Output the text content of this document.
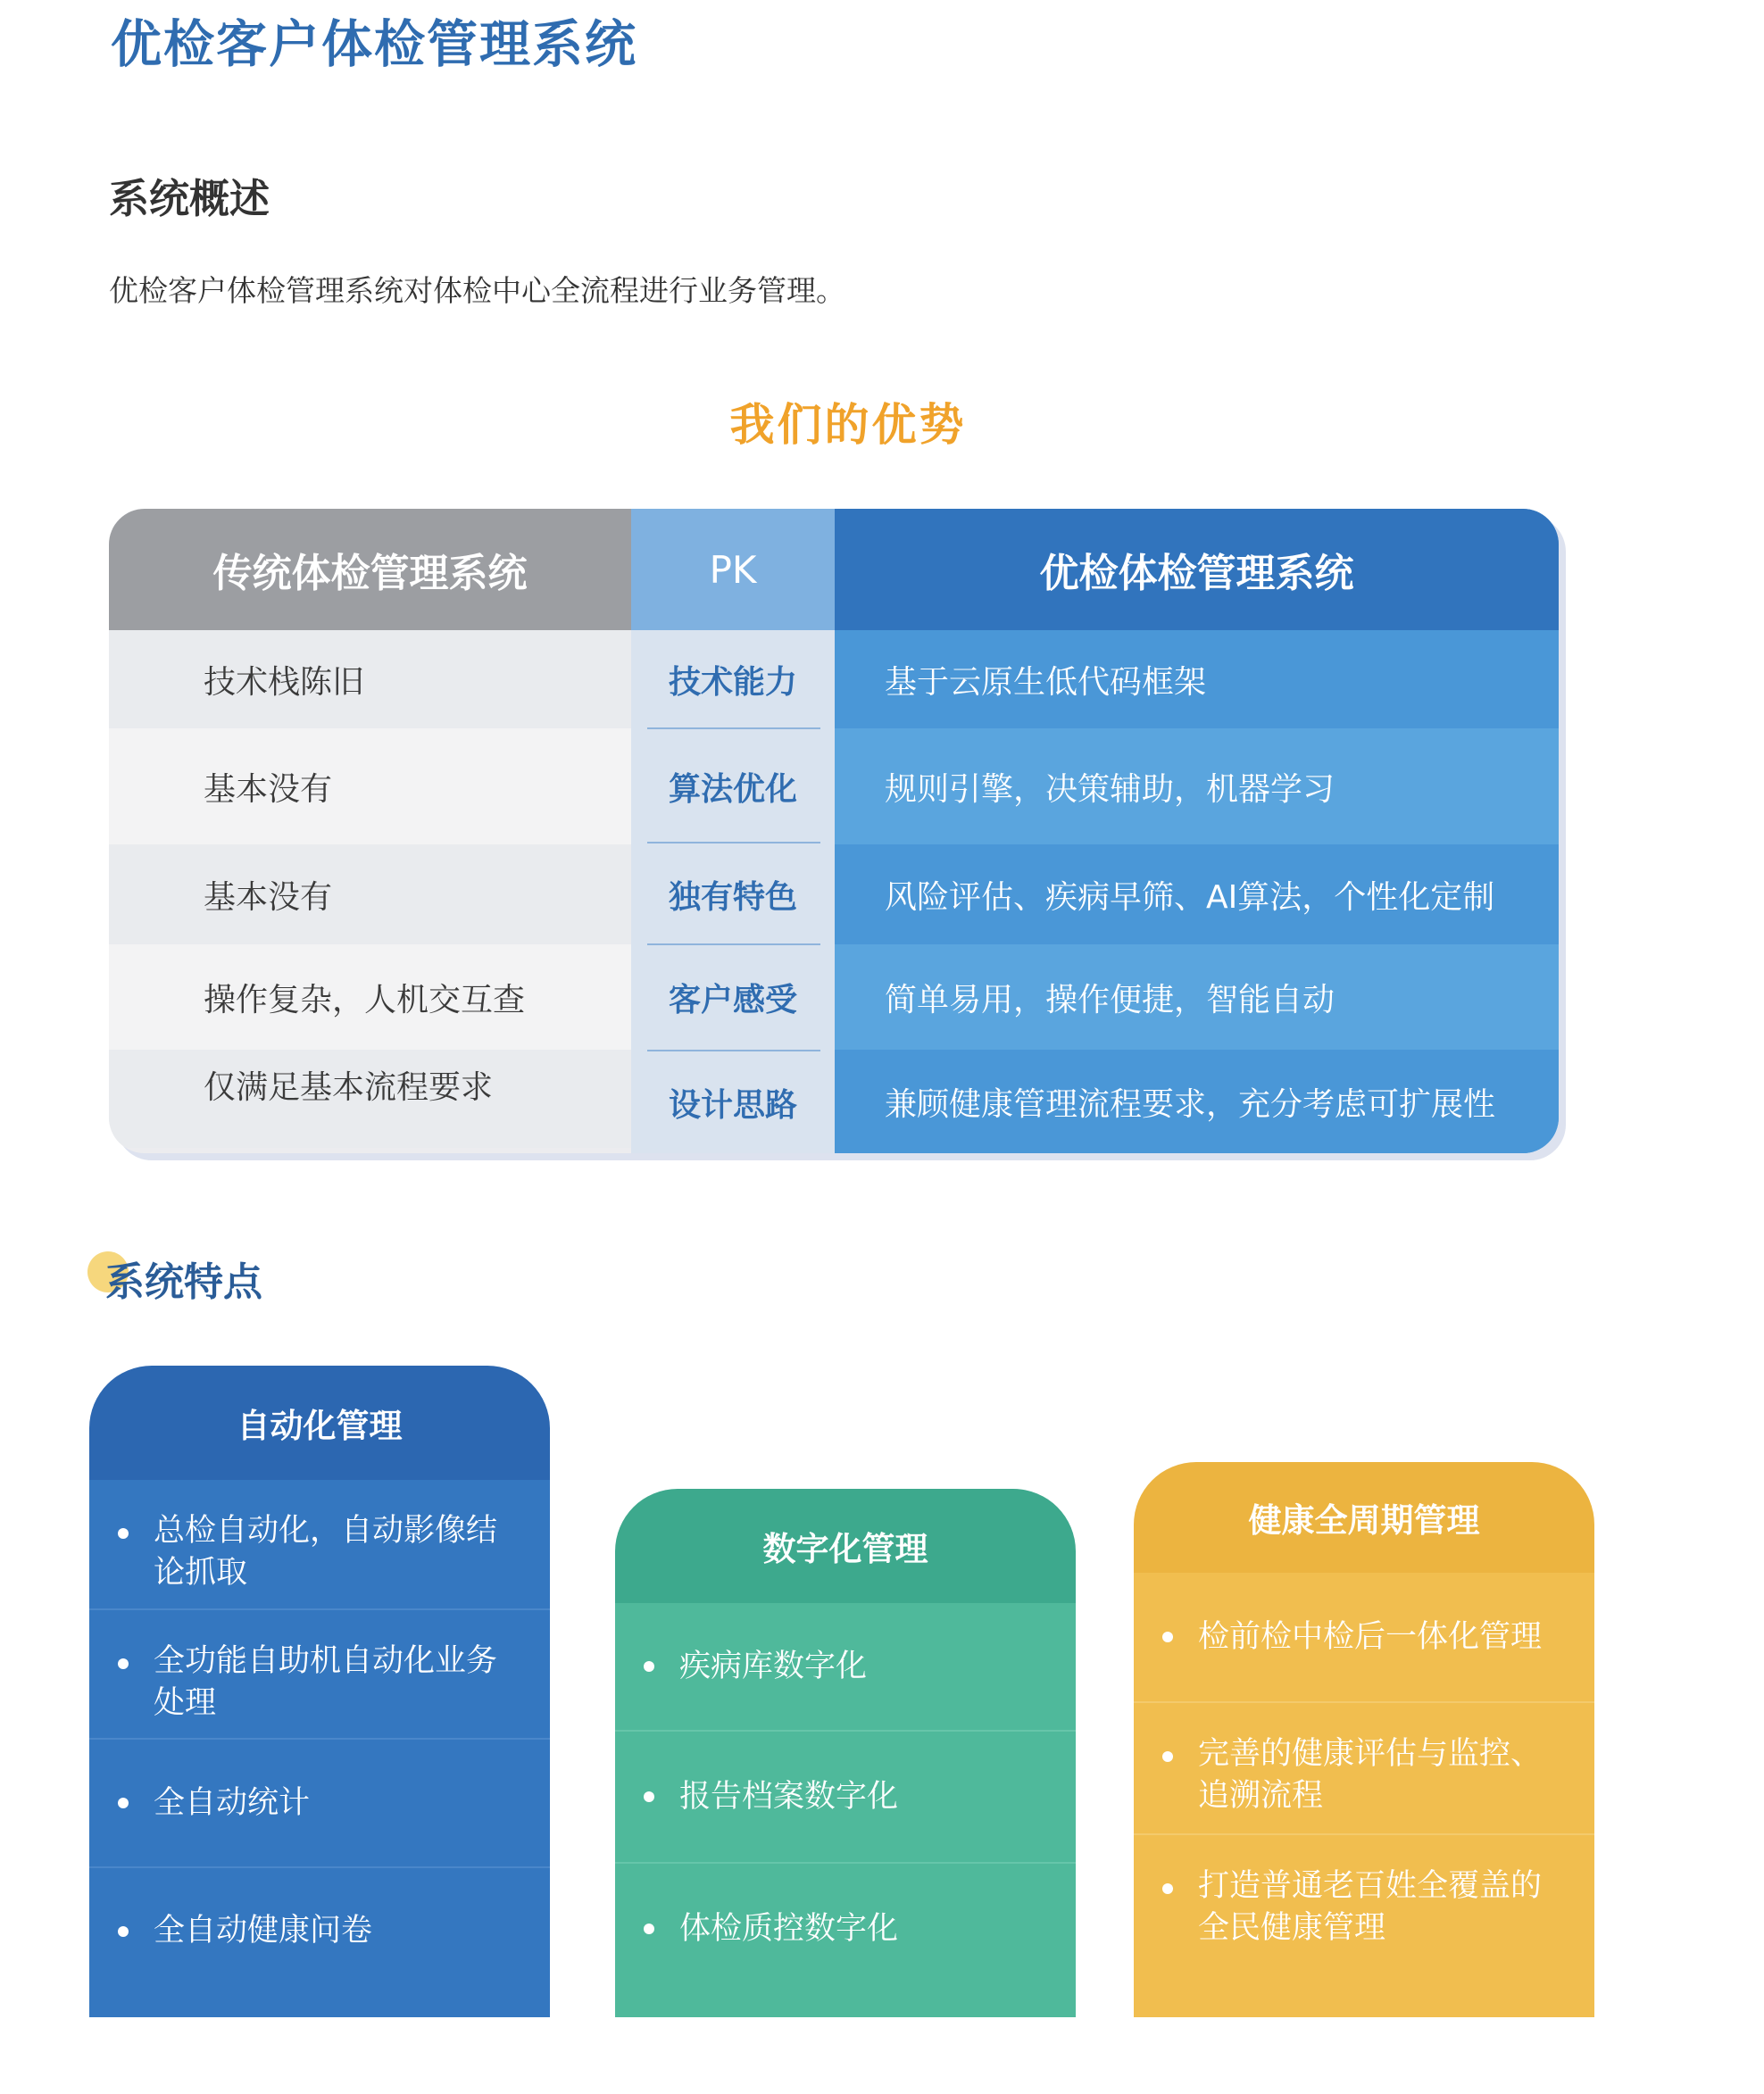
优检客户体检管理系统
系统概述
优检客户体检管理系统对体检中心全流程进行业务管理。
我们的优势
传统体检管理系统
技术栈陈旧
基本没有
基本没有
操作复杂，人机交互查
仅满足基本流程要求
PK
技术能力
算法优化
独有特色
客户感受
设计思路
优检体检管理系统
基于云原生低代码框架
规则引擎，决策辅助，机器学习
风险评估、疾病早筛、AI算法，个性化定制
简单易用，操作便捷，智能自动
兼顾健康管理流程要求，充分考虑可扩展性
系统特点
自动化管理
总检自动化，自动影像结论抓取
全功能自助机自动化业务处理
全自动统计
全自动健康问卷
数字化管理
疾病库数字化
报告档案数字化
体检质控数字化
健康全周期管理
检前检中检后一体化管理
完善的健康评估与监控、追溯流程
打造普通老百姓全覆盖的全民健康管理
